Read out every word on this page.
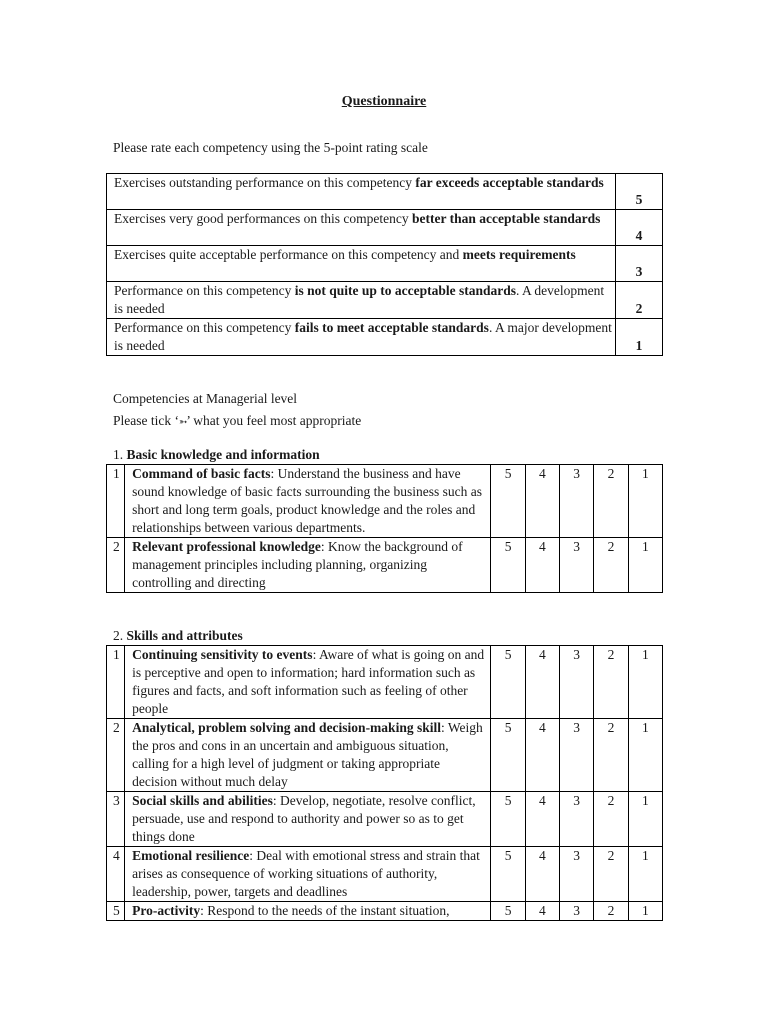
Questionnaire
Please rate each competency using the 5-point rating scale
Exercises outstanding performance on this competency far exceeds acceptable standards	5
Exercises very good performances on this competency better than acceptable standards	4
Exercises quite acceptable performance on this competency and meets requirements	3
Performance on this competency is not quite up to acceptable standards. A development is needed	2
Performance on this competency fails to meet acceptable standards. A major development is needed	1
Competencies at Managerial level
Please tick ‘➳’ what you feel most appropriate
1. Basic knowledge and information
1	Command of basic facts: Understand the business and have sound knowledge of basic facts surrounding the business such as short and long term goals, product knowledge and the roles and relationships between various departments.	5	4	3	2	1
2	Relevant professional knowledge: Know the background of management principles including planning, organizing controlling and directing	5	4	3	2	1
2. Skills and attributes
1	Continuing sensitivity to events: Aware of what is going on and is perceptive and open to information; hard information such as figures and facts, and soft information such as feeling of other people	5	4	3	2	1
2	Analytical, problem solving and decision-making skill: Weigh the pros and cons in an uncertain and ambiguous situation, calling for a high level of judgment or taking appropriate decision without much delay	5	4	3	2	1
3	Social skills and abilities: Develop, negotiate, resolve conflict, persuade, use and respond to authority and power so as to get things done	5	4	3	2	1
4	Emotional resilience: Deal with emotional stress and strain that arises as consequence of working situations of authority, leadership, power, targets and deadlines	5	4	3	2	1
5	Pro-activity: Respond to the needs of the instant situation,	5	4	3	2	1
